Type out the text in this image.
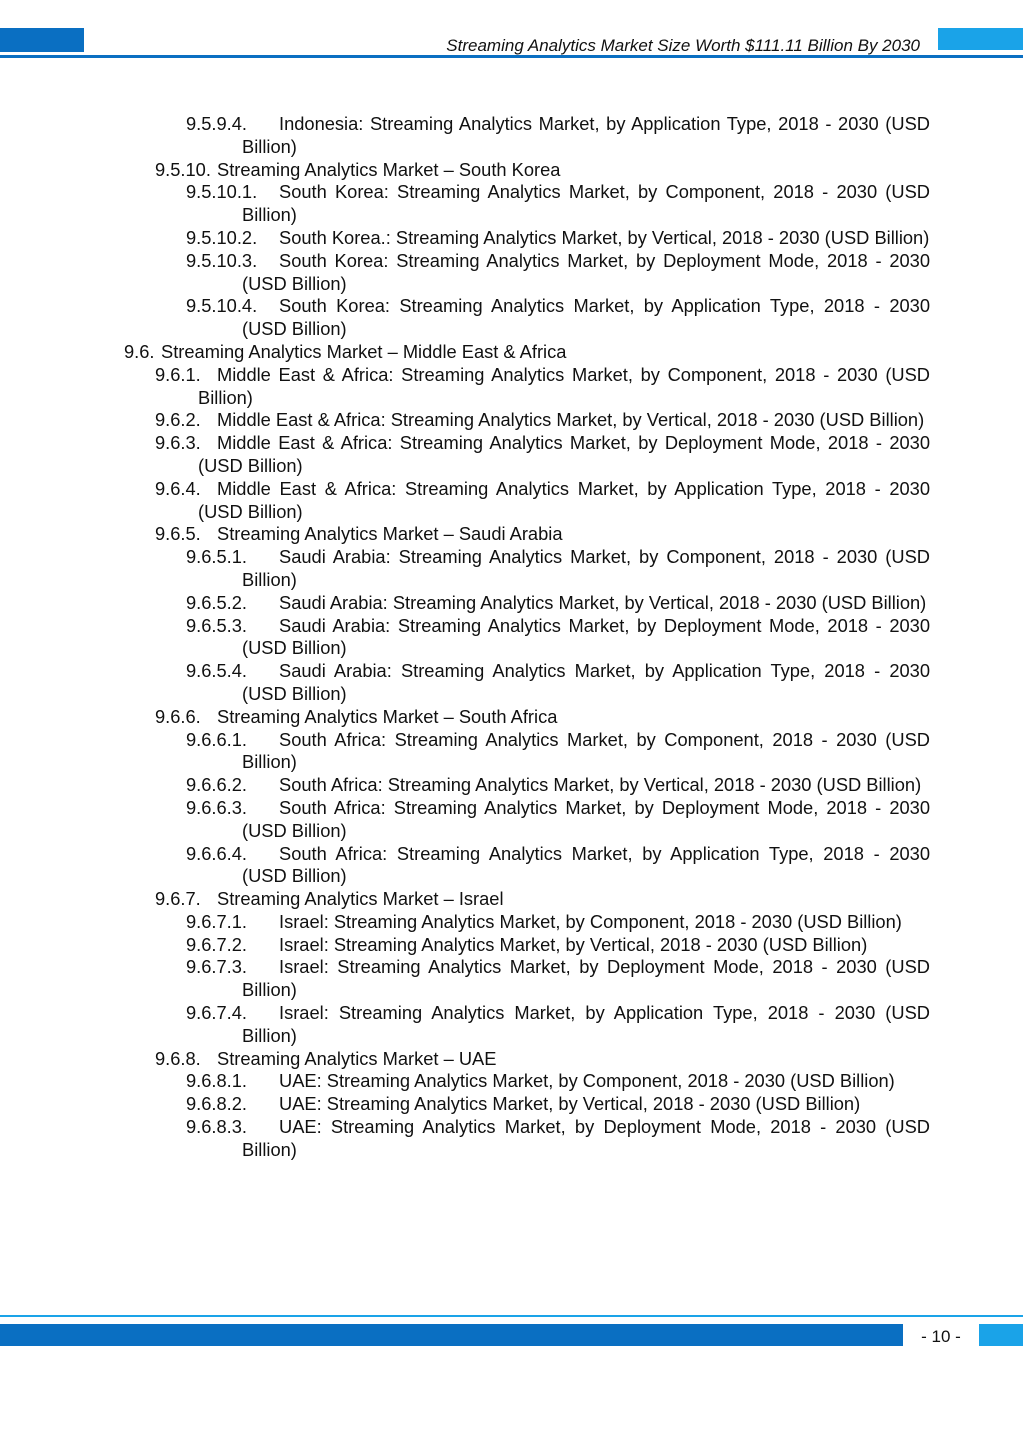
Streaming Analytics Market Size Worth $111.11 Billion By 2030
9.5.9.4.	Indonesia: Streaming Analytics Market, by Application Type, 2018 - 2030 (USD Billion)
9.5.10. Streaming Analytics Market – South Korea
9.5.10.1.	South Korea: Streaming Analytics Market, by Component, 2018 - 2030 (USD Billion)
9.5.10.2.	South Korea.: Streaming Analytics Market, by Vertical, 2018 - 2030 (USD Billion)
9.5.10.3.	South Korea: Streaming Analytics Market, by Deployment Mode, 2018 - 2030 (USD Billion)
9.5.10.4.	South Korea: Streaming Analytics Market, by Application Type, 2018 - 2030 (USD Billion)
9.6. Streaming Analytics Market – Middle East & Africa
9.6.1. Middle East & Africa: Streaming Analytics Market, by Component, 2018 - 2030 (USD Billion)
9.6.2. Middle East & Africa: Streaming Analytics Market, by Vertical, 2018 - 2030 (USD Billion)
9.6.3. Middle East & Africa: Streaming Analytics Market, by Deployment Mode, 2018 - 2030 (USD Billion)
9.6.4. Middle East & Africa: Streaming Analytics Market, by Application Type, 2018 - 2030 (USD Billion)
9.6.5. Streaming Analytics Market – Saudi Arabia
9.6.5.1.	Saudi Arabia: Streaming Analytics Market, by Component, 2018 - 2030 (USD Billion)
9.6.5.2.	Saudi Arabia: Streaming Analytics Market, by Vertical, 2018 - 2030 (USD Billion)
9.6.5.3.	Saudi Arabia: Streaming Analytics Market, by Deployment Mode, 2018 - 2030 (USD Billion)
9.6.5.4.	Saudi Arabia: Streaming Analytics Market, by Application Type, 2018 - 2030 (USD Billion)
9.6.6. Streaming Analytics Market – South Africa
9.6.6.1.	South Africa: Streaming Analytics Market, by Component, 2018 - 2030 (USD Billion)
9.6.6.2.	South Africa: Streaming Analytics Market, by Vertical, 2018 - 2030 (USD Billion)
9.6.6.3.	South Africa: Streaming Analytics Market, by Deployment Mode, 2018 - 2030 (USD Billion)
9.6.6.4.	South Africa: Streaming Analytics Market, by Application Type, 2018 - 2030 (USD Billion)
9.6.7. Streaming Analytics Market – Israel
9.6.7.1.	Israel: Streaming Analytics Market, by Component, 2018 - 2030 (USD Billion)
9.6.7.2.	Israel: Streaming Analytics Market, by Vertical, 2018 - 2030 (USD Billion)
9.6.7.3.	Israel: Streaming Analytics Market, by Deployment Mode, 2018 - 2030 (USD Billion)
9.6.7.4.	Israel: Streaming Analytics Market, by Application Type, 2018 - 2030 (USD Billion)
9.6.8. Streaming Analytics Market – UAE
9.6.8.1.	UAE: Streaming Analytics Market, by Component, 2018 - 2030 (USD Billion)
9.6.8.2.	UAE: Streaming Analytics Market, by Vertical, 2018 - 2030 (USD Billion)
9.6.8.3.	UAE: Streaming Analytics Market, by Deployment Mode, 2018 - 2030 (USD Billion)
- 10 -
